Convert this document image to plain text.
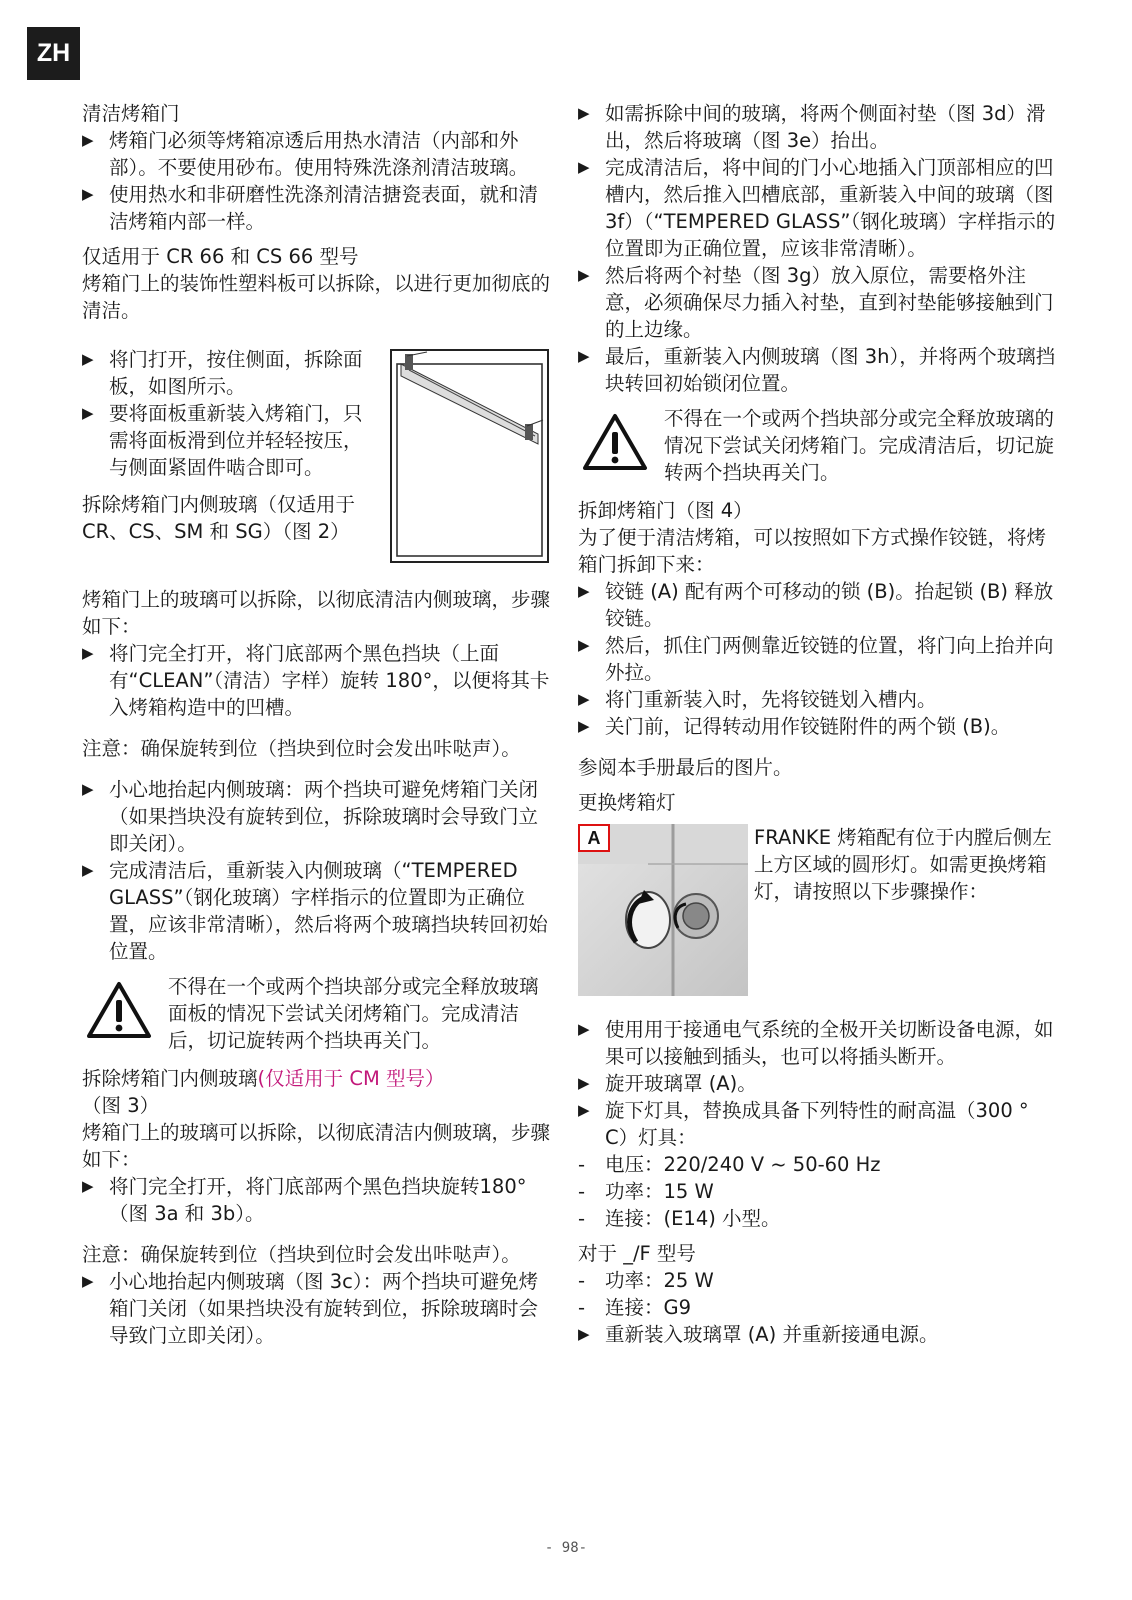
ZH

清洁烤箱门

▶ 烤箱门必须等烤箱凉透后用热水清洁（内部和外部）。不要使用砂布。使用特殊洗涤剂清洁玻璃。

▶ 使用热水和非研磨性洗涤剂清洁搪瓷表面，就和清洁烤箱内部一样。

仅适用于 CR 66 和 CS 66 型号

烤箱门上的装饰性塑料板可以拆除，以进行更加彻底的清洁。

▶ 将门打开，按住侧面，拆除面板，如图所示。

▶ 要将面板重新装入烤箱门，只需将面板滑到位并轻轻按压，与侧面紧固件啮合即可。

拆除烤箱门内侧玻璃（仅适用于 CR、CS、SM 和 SG）（图 2）

烤箱门上的玻璃可以拆除，以彻底清洁内侧玻璃，步骤如下：

▶ 将门完全打开，将门底部两个黑色挡块（上面有“CLEAN”（清洁）字样）旋转 180°，以便将其卡入烤箱构造中的凹槽。

注意：确保旋转到位（挡块到位时会发出咔哒声）。

▶ 小心地抬起内侧玻璃：两个挡块可避免烤箱门关闭（如果挡块没有旋转到位，拆除玻璃时会导致门立即关闭）。

▶ 完成清洁后，重新装入内侧玻璃（“TEMPERED GLASS”（钢化玻璃）字样指示的位置即为正确位置，应该非常清晰），然后将两个玻璃挡块转回初始位置。

不得在一个或两个挡块部分或完全释放玻璃面板的情况下尝试关闭烤箱门。完成清洁后，切记旋转两个挡块再关门。

拆除烤箱门内侧玻璃(仅适用于 CM 型号）

（图 3）

烤箱门上的玻璃可以拆除，以彻底清洁内侧玻璃，步骤如下：

▶ 将门完全打开，将门底部两个黑色挡块旋转180°（图 3a 和 3b）。

注意：确保旋转到位（挡块到位时会发出咔哒声）。

▶ 小心地抬起内侧玻璃（图 3c）：两个挡块可避免烤箱门关闭（如果挡块没有旋转到位，拆除玻璃时会导致门立即关闭）。

▶ 如需拆除中间的玻璃，将两个侧面衬垫（图 3d）滑出，然后将玻璃（图 3e）抬出。

▶ 完成清洁后，将中间的门小心地插入门顶部相应的凹槽内，然后推入凹槽底部，重新装入中间的玻璃（图 3f）（“TEMPERED GLASS”（钢化玻璃）字样指示的位置即为正确位置，应该非常清晰）。

▶ 然后将两个衬垫（图 3g）放入原位，需要格外注意，必须确保尽力插入衬垫，直到衬垫能够接触到门的上边缘。

▶ 最后，重新装入内侧玻璃（图 3h），并将两个玻璃挡块转回初始锁闭位置。

不得在一个或两个挡块部分或完全释放玻璃的情况下尝试关闭烤箱门。完成清洁后，切记旋转两个挡块再关门。

拆卸烤箱门（图 4）

为了便于清洁烤箱，可以按照如下方式操作铰链，将烤箱门拆卸下来：

▶ 铰链 (A) 配有两个可移动的锁 (B)。抬起锁 (B) 释放铰链。

▶ 然后，抓住门两侧靠近铰链的位置，将门向上抬并向外拉。

▶ 将门重新装入时，先将铰链划入槽内。

▶ 关门前，记得转动用作铰链附件的两个锁 (B)。

参阅本手册最后的图片。

更换烤箱灯

A	FRANKE 烤箱配有位于内膛后侧左上方区域的圆形灯。如需更换烤箱灯，请按照以下步骤操作：

▶ 使用用于接通电气系统的全极开关切断设备电源，如果可以接触到插头，也可以将插头断开。

▶ 旋开玻璃罩 (A)。

▶ 旋下灯具，替换成具备下列特性的耐高温（300 ° C）灯具：

- 电压：220/240 V ~ 50-60 Hz

- 功率：15 W

- 连接：(E14) 小型。

对于 _/F 型号

- 功率：25 W

- 连接：G9

▶ 重新装入玻璃罩 (A) 并重新接通电源。

- 98-
